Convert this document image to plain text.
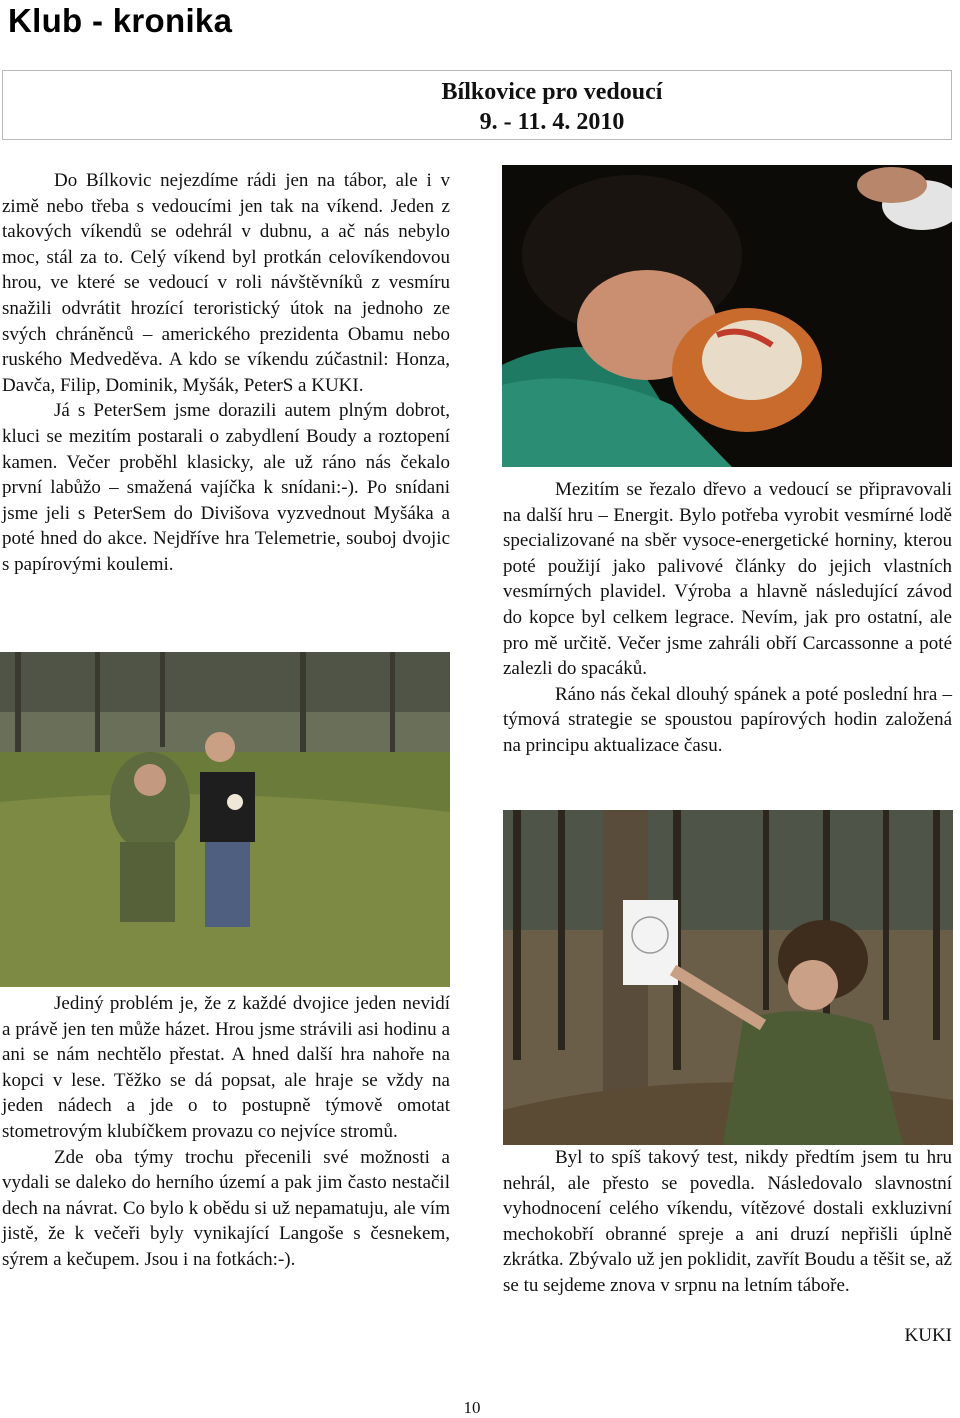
Klub - kronika
Bílkovice pro vedoucí
9. - 11. 4. 2010

Do Bílkovic nejezdíme rádi jen na tábor, ale i v zimě nebo třeba s vedoucími jen tak na víkend. Jeden z takových víkendů se odehrál v dubnu, a ač nás nebylo moc, stál za to. Celý víkend byl protkán celovíkendovou hrou, ve které se vedoucí v roli návštěvníků z vesmíru snažili odvrátit hrozící teroristický útok na jednoho ze svých chráněnců – amerického prezidenta Obamu nebo ruského Medveděva. A kdo se víkendu zúčastnil: Honza, Davča, Filip, Dominik, Myšák, PeterS a KUKI.

Já s PeterSem jsme dorazili autem plným dobrot, kluci se mezitím postarali o zabydlení Boudy a roztopení kamen. Večer proběhl klasicky, ale už ráno nás čekalo první labůžo – smažená vajíčka k snídani:-). Po snídani jsme jeli s PeterSem do Divišova vyzvednout Myšáka a poté hned do akce. Nejdříve hra Telemetrie, souboj dvojic s papírovými koulemi.

Mezitím se řezalo dřevo a vedoucí se připravovali na další hru – Energit. Bylo potřeba vyrobit vesmírné lodě specializované na sběr vysoce-energetické horniny, kterou poté použijí jako palivové články do jejich vlastních vesmírných plavidel. Výroba a hlavně následující závod do kopce byl celkem legrace. Nevím, jak pro ostatní, ale pro mě určitě. Večer jsme zahráli obří Carcassonne a poté zalezli do spacáků.

Ráno nás čekal dlouhý spánek a poté poslední hra – týmová strategie se spoustou papírových hodin založená na principu aktualizace času.

Jediný problém je, že z každé dvojice jeden nevidí a právě jen ten může házet. Hrou jsme strávili asi hodinu a ani se nám nechtělo přestat. A hned další hra nahoře na kopci v lese. Těžko se dá popsat, ale hraje se vždy na jeden nádech a jde o to postupně týmově omotat stometrovým klubíčkem provazu co nejvíce stromů.

Zde oba týmy trochu přecenili své možnosti a vydali se daleko do herního území a pak jim často nestačil dech na návrat. Co bylo k obědu si už nepamatuju, ale vím jistě, že k večeři byly vynikající Langoše s česnekem, sýrem a kečupem. Jsou i na fotkách:-).

Byl to spíš takový test, nikdy předtím jsem tu hru nehrál, ale přesto se povedla. Následovalo slavnostní vyhodnocení celého víkendu, vítězové dostali exkluzivní mechokobří obranné spreje a ani druzí nepřišli úplně zkrátka. Zbývalo už jen poklidit, zavřít Boudu a těšit se, až se tu sejdeme znova v srpnu na letním táboře.

KUKI
10
